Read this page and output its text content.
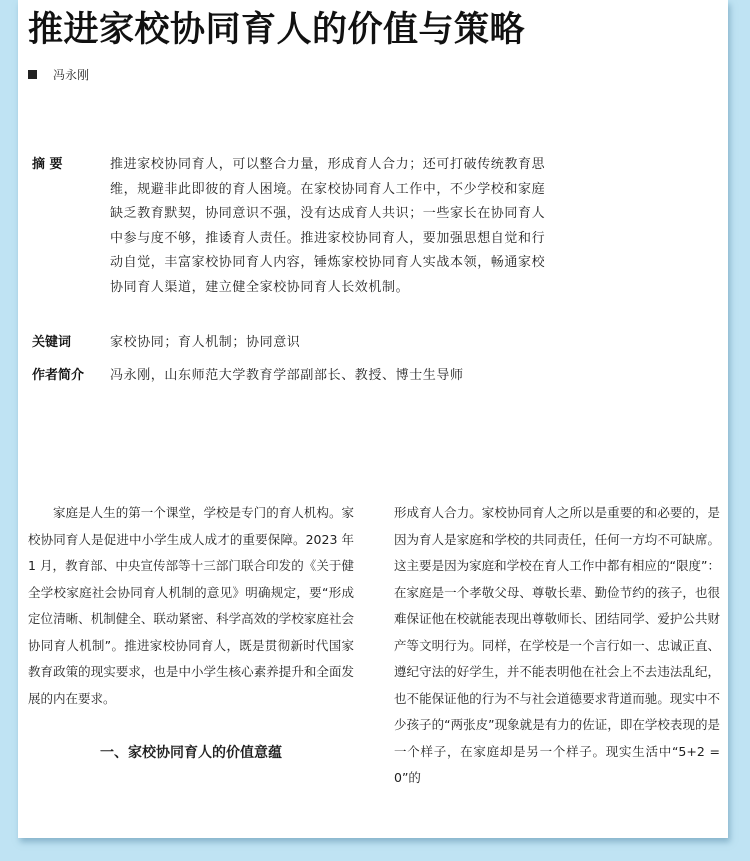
推进家校协同育人的价值与策略
冯永刚
摘 要	推进家校协同育人，可以整合力量，形成育人合力；还可打破传统教育思维，规避非此即彼的育人困境。在家校协同育人工作中，不少学校和家庭缺乏教育默契，协同意识不强，没有达成育人共识；一些家长在协同育人中参与度不够，推诿育人责任。推进家校协同育人，要加强思想自觉和行动自觉，丰富家校协同育人内容，锤炼家校协同育人实战本领，畅通家校协同育人渠道，建立健全家校协同育人长效机制。
关键词	家校协同；育人机制；协同意识
作者简介 冯永刚，山东师范大学教育学部副部长、教授、博士生导师

家庭是人生的第一个课堂，学校是专门的育人机构。家校协同育人是促进中小学生成人成才的重要保障。2023 年 1 月，教育部、中央宣传部等十三部门联合印发的《关于健全学校家庭社会协同育人机制的意见》明确规定，要“形成定位清晰、机制健全、联动紧密、科学高效的学校家庭社会协同育人机制”。推进家校协同育人，既是贯彻新时代国家教育政策的现实要求，也是中小学生核心素养提升和全面发展的内在要求。

一、家校协同育人的价值意蕴

形成育人合力。家校协同育人之所以是重要的和必要的，是因为育人是家庭和学校的共同责任，任何一方均不可缺席。这主要是因为家庭和学校在育人工作中都有相应的“限度”：在家庭是一个孝敬父母、尊敬长辈、勤俭节约的孩子，也很难保证他在校就能表现出尊敬师长、团结同学、爱护公共财产等文明行为。同样，在学校是一个言行如一、忠诚正直、遵纪守法的好学生，并不能表明他在社会上不去违法乱纪，也不能保证他的行为不与社会道德要求背道而驰。现实中不少孩子的“两张皮”现象就是有力的佐证，即在学校表现的是一个样子，在家庭却是另一个样子。现实生活中“5+2 = 0”的
